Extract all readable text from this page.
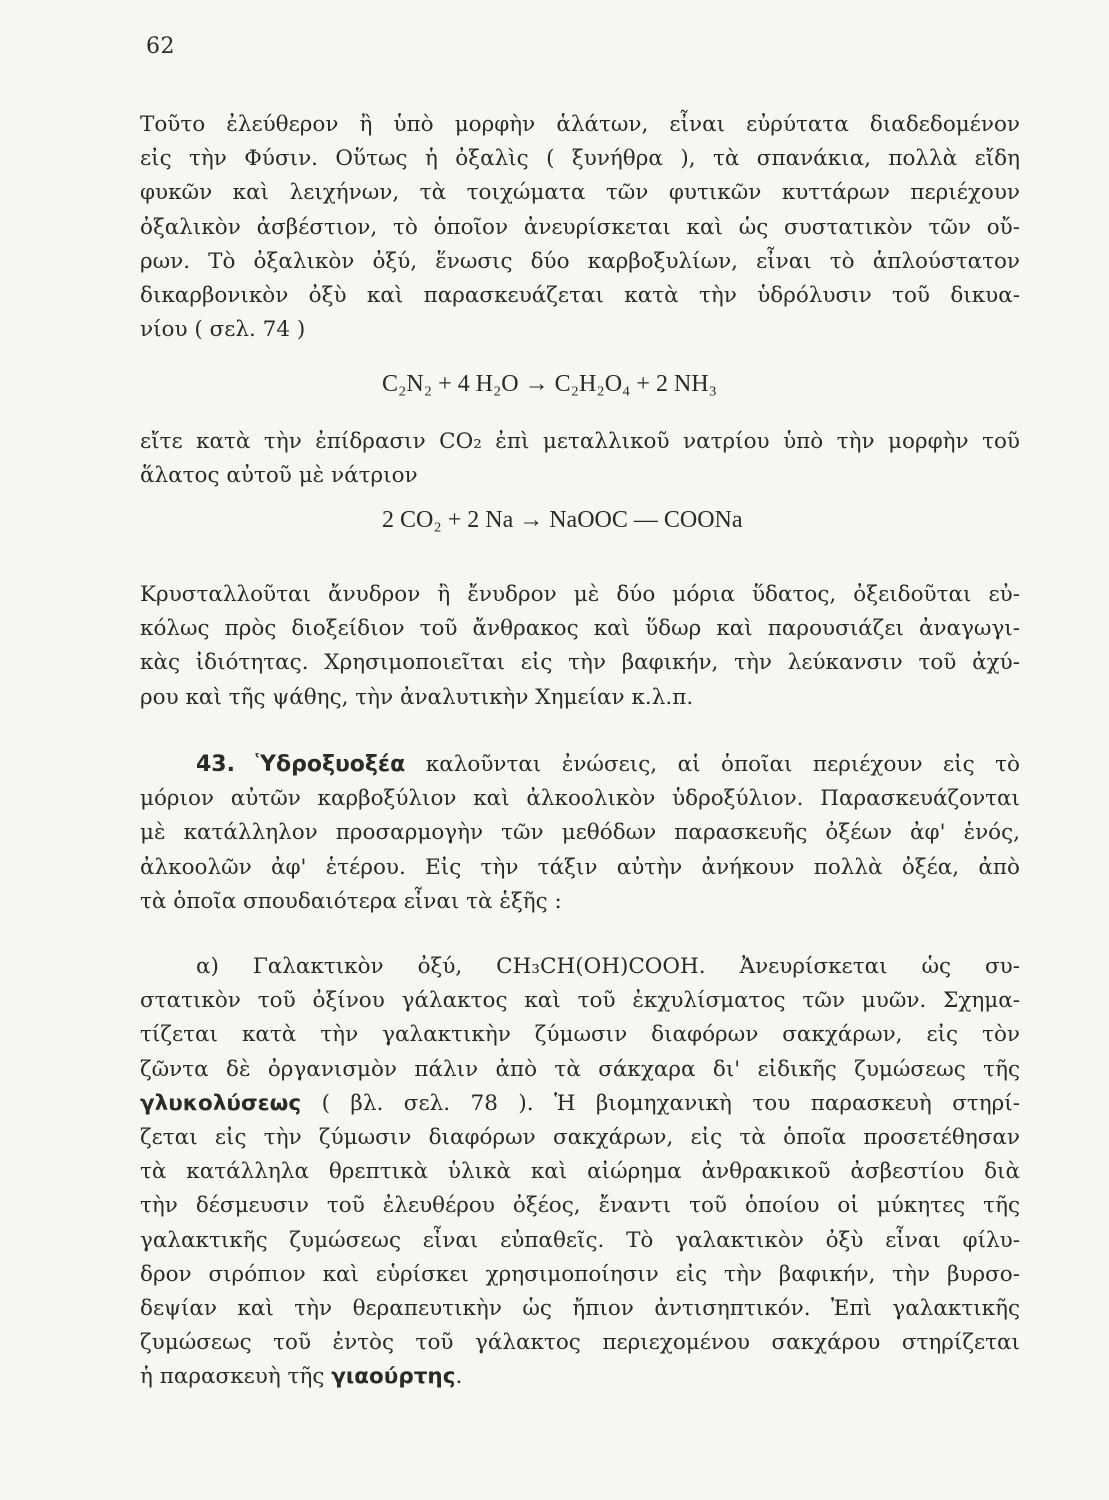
62
Τοῦτο ἐλεύθερον ἢ ὑπὸ μορφὴν ἁλάτων, εἶναι εὐρύτατα διαδεδομένον
εἰς τὴν Φύσιν. Οὕτως ἡ ὀξαλὶς ( ξυνήθρα ), τὰ σπανάκια, πολλὰ εἴδη
φυκῶν καὶ λειχήνων, τὰ τοιχώματα τῶν φυτικῶν κυττάρων περιέχουν
ὀξαλικὸν ἀσβέστιον, τὸ ὁποῖον ἀνευρίσκεται καὶ ὡς συστατικὸν τῶν οὔ-
ρων. Τὸ ὀξαλικὸν ὀξύ, ἕνωσις δύο καρβοξυλίων, εἶναι τὸ ἁπλούστατον
δικαρβονικὸν ὀξὺ καὶ παρασκευάζεται κατὰ τὴν ὑδρόλυσιν τοῦ δικυα-
νίου ( σελ. 74 )
C₂N₂ + 4 H₂O → C₂H₂O₄ + 2 NH₃
εἴτε κατὰ τὴν ἐπίδρασιν CO₂ ἐπὶ μεταλλικοῦ νατρίου ὑπὸ τὴν μορφὴν τοῦ
ἅλατος αὐτοῦ μὲ νάτριον
2 CO₂ + 2 Na → NaOOC — COONa
Κρυσταλλοῦται ἄνυδρον ἢ ἔνυδρον μὲ δύο μόρια ὕδατος, ὀξειδοῦται εὐ-
κόλως πρὸς διοξείδιον τοῦ ἄνθρακος καὶ ὕδωρ καὶ παρουσιάζει ἀναγωγι-
κὰς ἰδιότητας. Χρησιμοποιεῖται εἰς τὴν βαφικήν, τὴν λεύκανσιν τοῦ ἀχύ-
ρου καὶ τῆς ψάθης, τὴν ἀναλυτικὴν Χημείαν κ.λ.π.
43. Ὑδροξυοξέα καλοῦνται ἐνώσεις, αἱ ὁποῖαι περιέχουν εἰς τὸ
μόριον αὐτῶν καρβοξύλιον καὶ ἀλκοολικὸν ὑδροξύλιον. Παρασκευάζονται
μὲ κατάλληλον προσαρμογὴν τῶν μεθόδων παρασκευῆς ὀξέων ἀφ' ἑνός,
ἀλκοολῶν ἀφ' ἑτέρου. Εἰς τὴν τάξιν αὐτὴν ἀνήκουν πολλὰ ὀξέα, ἀπὸ
τὰ ὁποῖα σπουδαιότερα εἶναι τὰ ἑξῆς :
α) Γαλακτικὸν ὀξύ, CH₃CH(OH)COOH. Ἀνευρίσκεται ὡς συ-
στατικὸν τοῦ ὀξίνου γάλακτος καὶ τοῦ ἐκχυλίσματος τῶν μυῶν. Σχημα-
τίζεται κατὰ τὴν γαλακτικὴν ζύμωσιν διαφόρων σακχάρων, εἰς τὸν
ζῶντα δὲ ὀργανισμὸν πάλιν ἀπὸ τὰ σάκχαρα δι' εἰδικῆς ζυμώσεως τῆς
γλυκολύσεως ( βλ. σελ. 78 ). Ἡ βιομηχανικὴ του παρασκευὴ στηρί-
ζεται εἰς τὴν ζύμωσιν διαφόρων σακχάρων, εἰς τὰ ὁποῖα προσετέθησαν
τὰ κατάλληλα θρεπτικὰ ὑλικὰ καὶ αἰώρημα ἀνθρακικοῦ ἀσβεστίου διὰ
τὴν δέσμευσιν τοῦ ἐλευθέρου ὀξέος, ἔναντι τοῦ ὁποίου οἱ μύκητες τῆς
γαλακτικῆς ζυμώσεως εἶναι εὐπαθεῖς. Τὸ γαλακτικὸν ὀξὺ εἶναι φίλυ-
δρον σιρόπιον καὶ εὑρίσκει χρησιμοποίησιν εἰς τὴν βαφικήν, τὴν βυρσο-
δεψίαν καὶ τὴν θεραπευτικὴν ὡς ἤπιον ἀντισηπτικόν. Ἐπὶ γαλακτικῆς
ζυμώσεως τοῦ ἐντὸς τοῦ γάλακτος περιεχομένου σακχάρου στηρίζεται
ἡ παρασκευὴ τῆς γιαούρτης.
